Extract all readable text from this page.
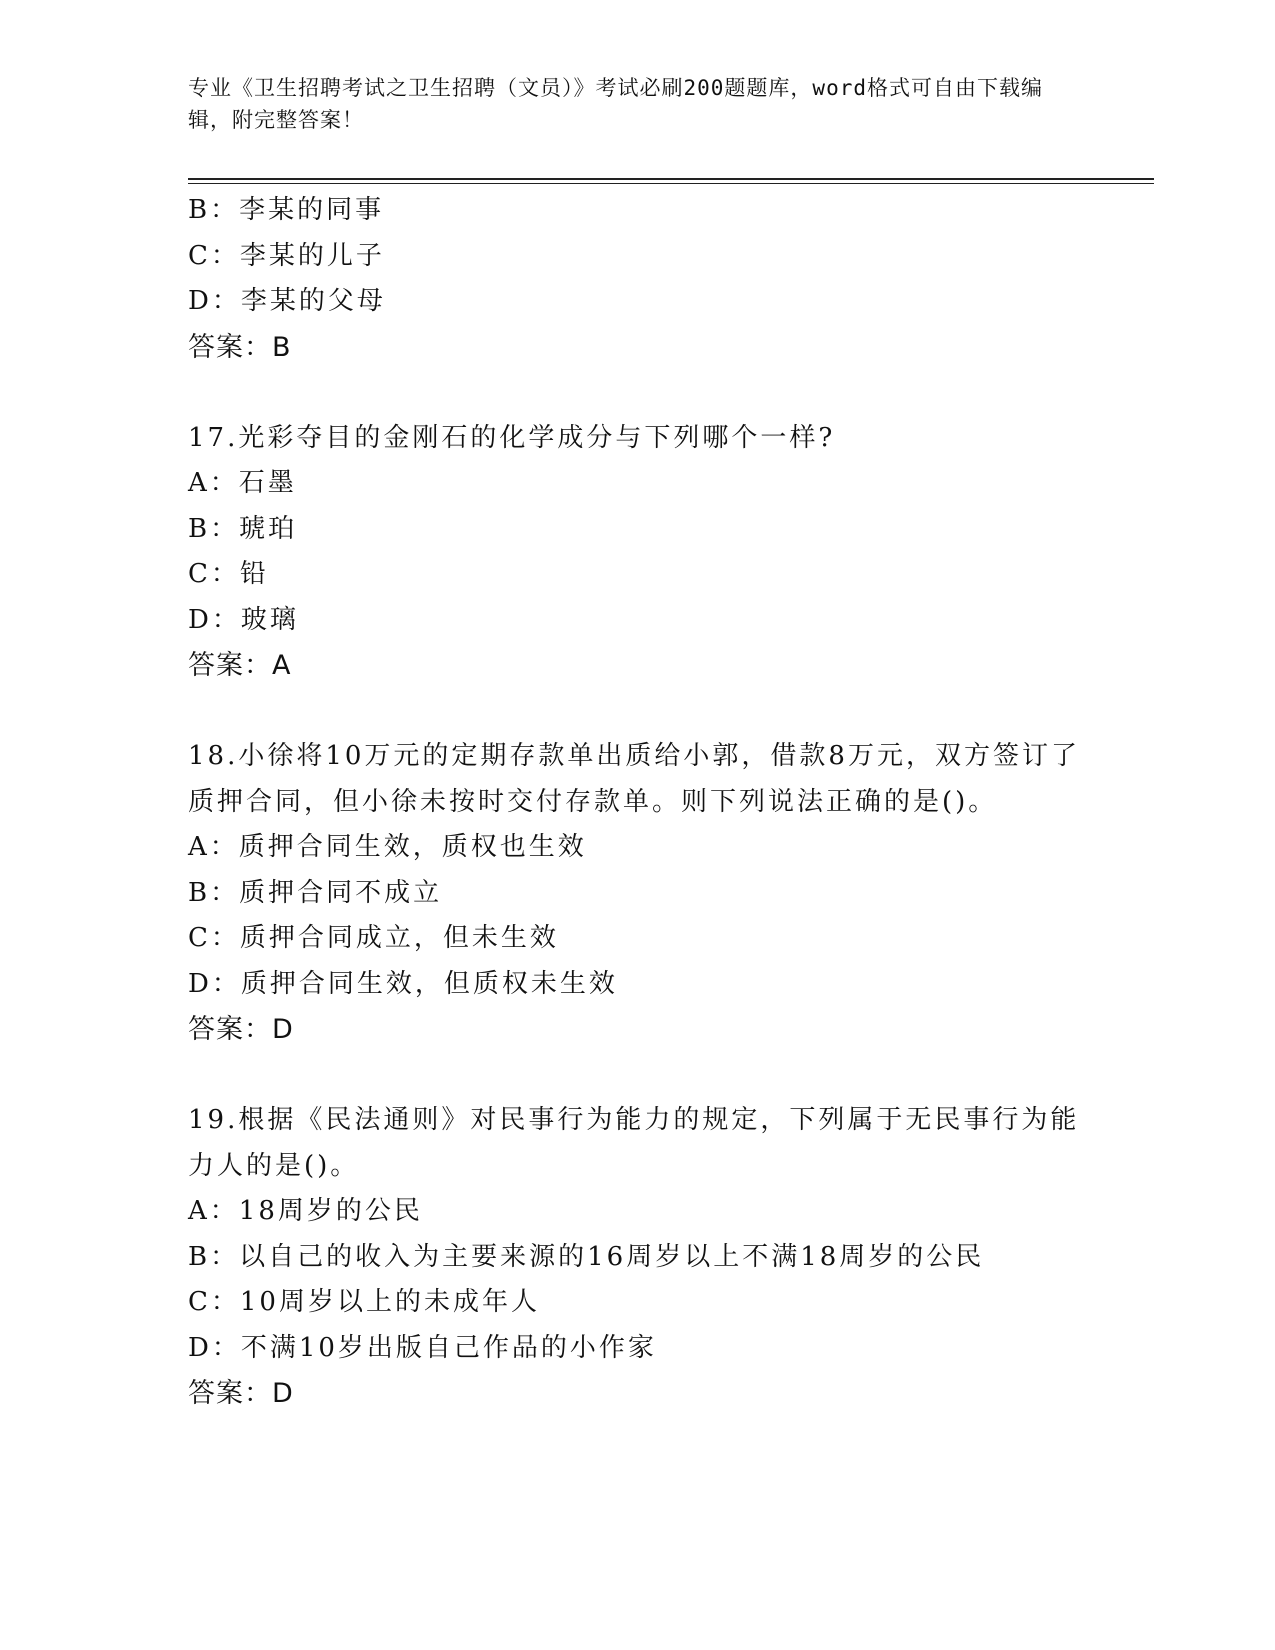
专业《卫生招聘考试之卫生招聘（文员）》考试必刷200题题库，word格式可自由下载编辑，附完整答案！
B：李某的同事
C：李某的儿子
D：李某的父母
答案：B
17.光彩夺目的金刚石的化学成分与下列哪个一样?
A：石墨
B：琥珀
C：铅
D：玻璃
答案：A
18.小徐将10万元的定期存款单出质给小郭，借款8万元，双方签订了质押合同，但小徐未按时交付存款单。则下列说法正确的是()。
A：质押合同生效，质权也生效
B：质押合同不成立
C：质押合同成立，但未生效
D：质押合同生效，但质权未生效
答案：D
19.根据《民法通则》对民事行为能力的规定，下列属于无民事行为能力人的是()。
A：18周岁的公民
B：以自己的收入为主要来源的16周岁以上不满18周岁的公民
C：10周岁以上的未成年人
D：不满10岁出版自己作品的小作家
答案：D
